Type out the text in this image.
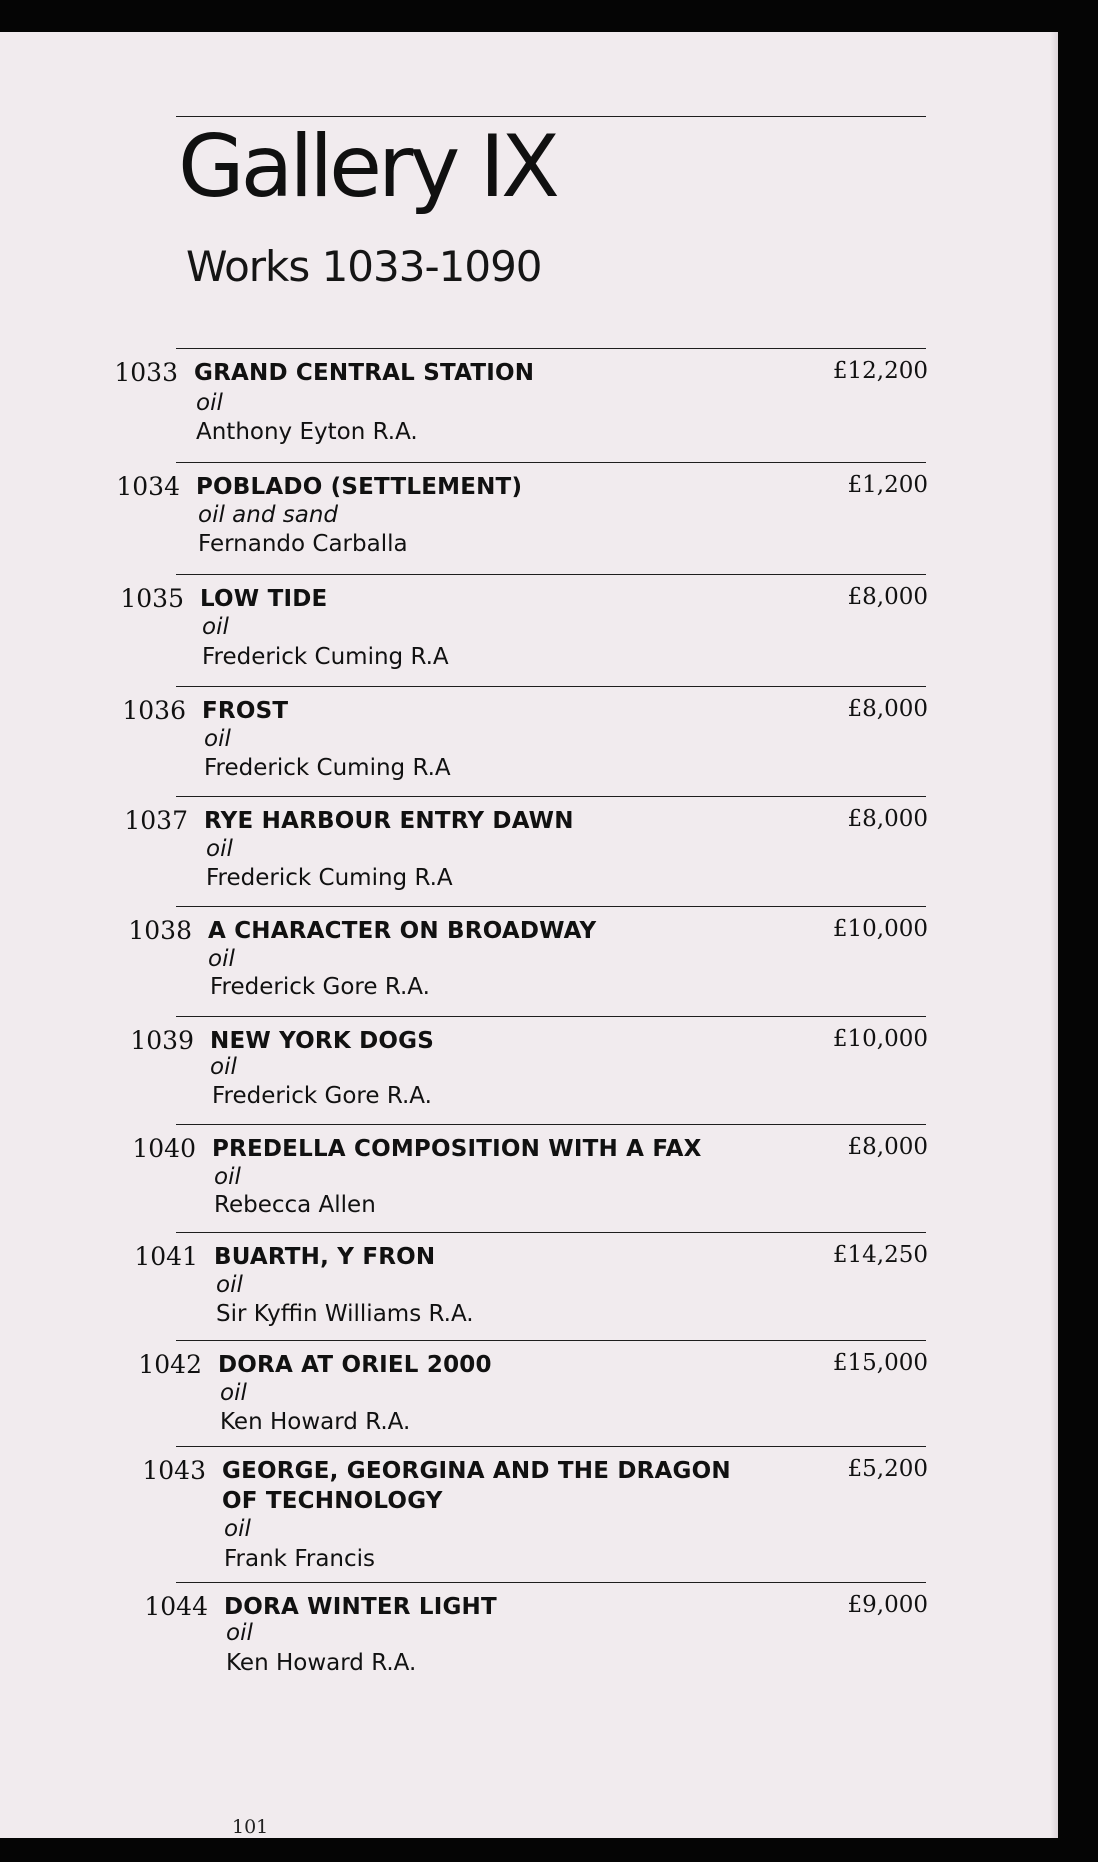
Gallery IX
Works 1033-1090
1033 GRAND CENTRAL STATION
oil
Anthony Eyton R.A.
£12,200
1034 POBLADO (SETTLEMENT)
oil and sand
Fernando Carballa
£1,200
1035 LOW TIDE
oil
Frederick Cuming R.A
£8,000
1036 FROST
oil
Frederick Cuming R.A
£8,000
1037 RYE HARBOUR ENTRY DAWN
oil
Frederick Cuming R.A
£8,000
1038 A CHARACTER ON BROADWAY
oil
Frederick Gore R.A.
£10,000
1039 NEW YORK DOGS
oil
Frederick Gore R.A.
£10,000
1040 PREDELLA COMPOSITION WITH A FAX
oil
Rebecca Allen
£8,000
1041 BUARTH, Y FRON
oil
Sir Kyffin Williams R.A.
£14,250
1042 DORA AT ORIEL 2000
oil
Ken Howard R.A.
£15,000
1043 GEORGE, GEORGINA AND THE DRAGON
OF TECHNOLOGY
oil
Frank Francis
£5,200
1044 DORA WINTER LIGHT
oil
Ken Howard R.A.
£9,000
101
